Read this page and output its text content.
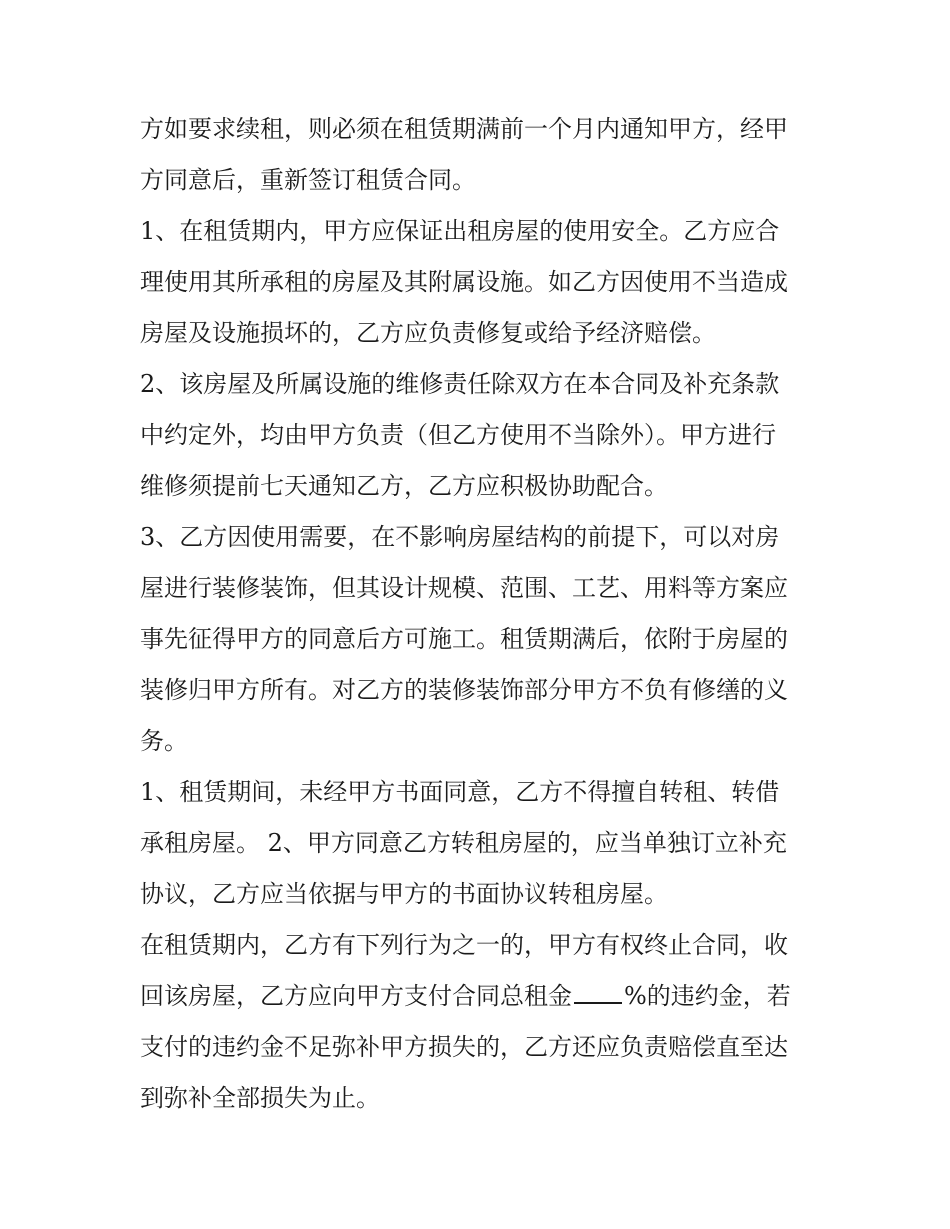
方如要求续租，则必须在租赁期满前一个月内通知甲方，经甲
方同意后，重新签订租赁合同。
1、在租赁期内，甲方应保证出租房屋的使用安全。乙方应合
理使用其所承租的房屋及其附属设施。如乙方因使用不当造成
房屋及设施损坏的，乙方应负责修复或给予经济赔偿。
2、该房屋及所属设施的维修责任除双方在本合同及补充条款
中约定外，均由甲方负责（但乙方使用不当除外）。甲方进行
维修须提前七天通知乙方，乙方应积极协助配合。
3、乙方因使用需要，在不影响房屋结构的前提下，可以对房
屋进行装修装饰，但其设计规模、范围、工艺、用料等方案应
事先征得甲方的同意后方可施工。租赁期满后，依附于房屋的
装修归甲方所有。对乙方的装修装饰部分甲方不负有修缮的义
务。
1、租赁期间，未经甲方书面同意，乙方不得擅自转租、转借
承租房屋。 2、甲方同意乙方转租房屋的，应当单独订立补充
协议，乙方应当依据与甲方的书面协议转租房屋。
在租赁期内，乙方有下列行为之一的，甲方有权终止合同，收
回该房屋，乙方应向甲方支付合同总租金 %的违约金，若
支付的违约金不足弥补甲方损失的，乙方还应负责赔偿直至达
到弥补全部损失为止。
